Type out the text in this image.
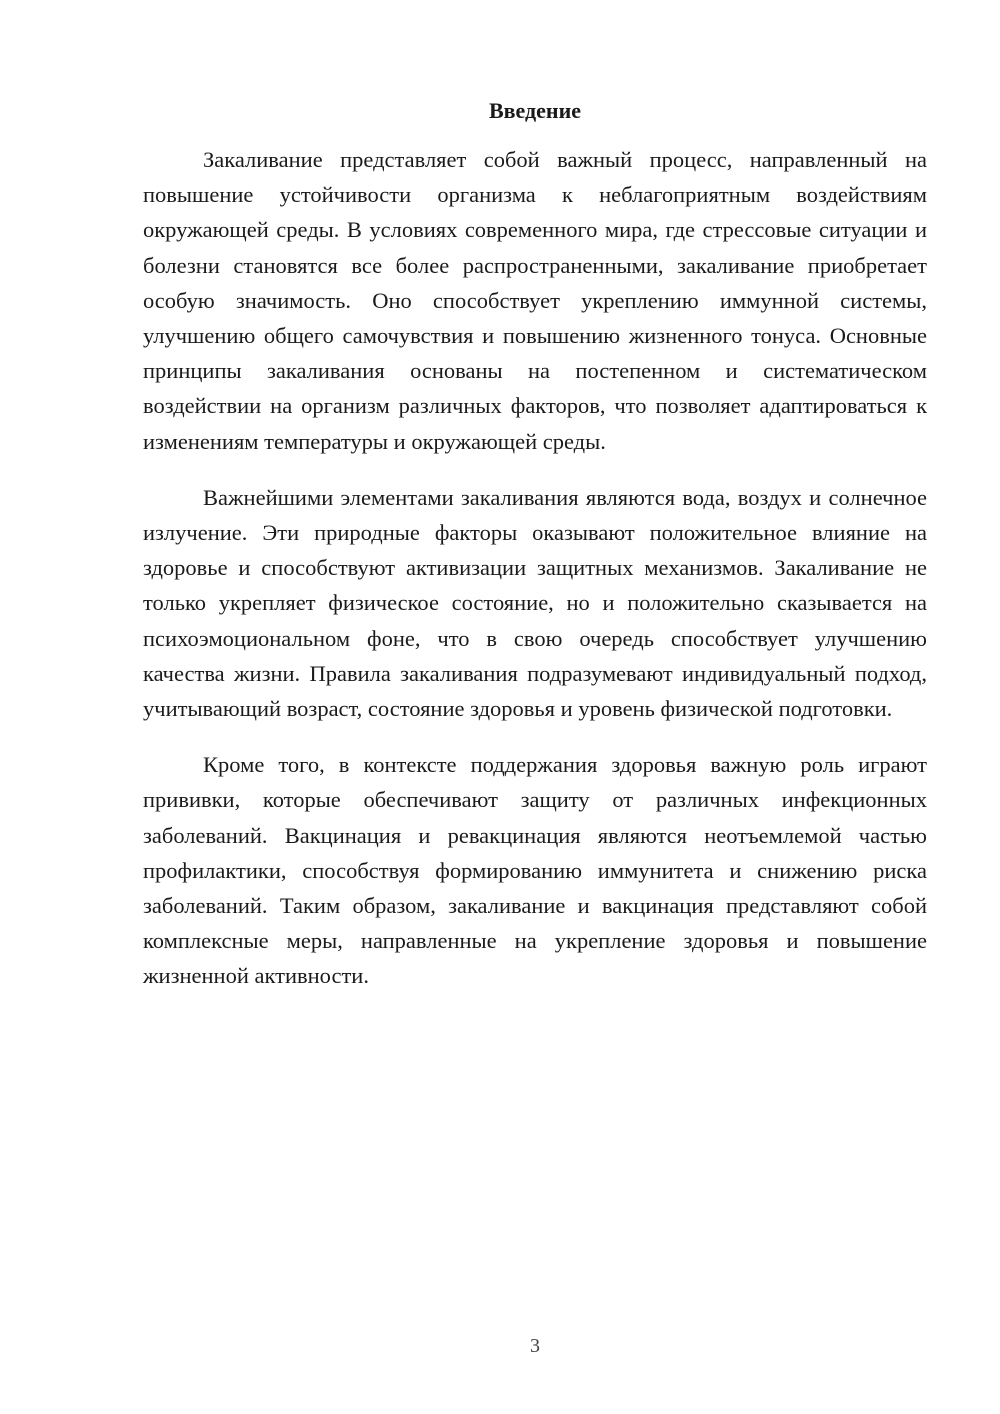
Введение

Закаливание представляет собой важный процесс, направленный на повышение устойчивости организма к неблагоприятным воздействиям окружающей среды. В условиях современного мира, где стрессовые ситуации и болезни становятся все более распространенными, закаливание приобретает особую значимость. Оно способствует укреплению иммунной системы, улучшению общего самочувствия и повышению жизненного тонуса. Основные принципы закаливания основаны на постепенном и систематическом воздействии на организм различных факторов, что позволяет адаптироваться к изменениям температуры и окружающей среды.

Важнейшими элементами закаливания являются вода, воздух и солнечное излучение. Эти природные факторы оказывают положительное влияние на здоровье и способствуют активизации защитных механизмов. Закаливание не только укрепляет физическое состояние, но и положительно сказывается на психоэмоциональном фоне, что в свою очередь способствует улучшению качества жизни. Правила закаливания подразумевают индивидуальный подход, учитывающий возраст, состояние здоровья и уровень физической подготовки.

Кроме того, в контексте поддержания здоровья важную роль играют прививки, которые обеспечивают защиту от различных инфекционных заболеваний. Вакцинация и ревакцинация являются неотъемлемой частью профилактики, способствуя формированию иммунитета и снижению риска заболеваний. Таким образом, закаливание и вакцинация представляют собой комплексные меры, направленные на укрепление здоровья и повышение жизненной активности.

3
